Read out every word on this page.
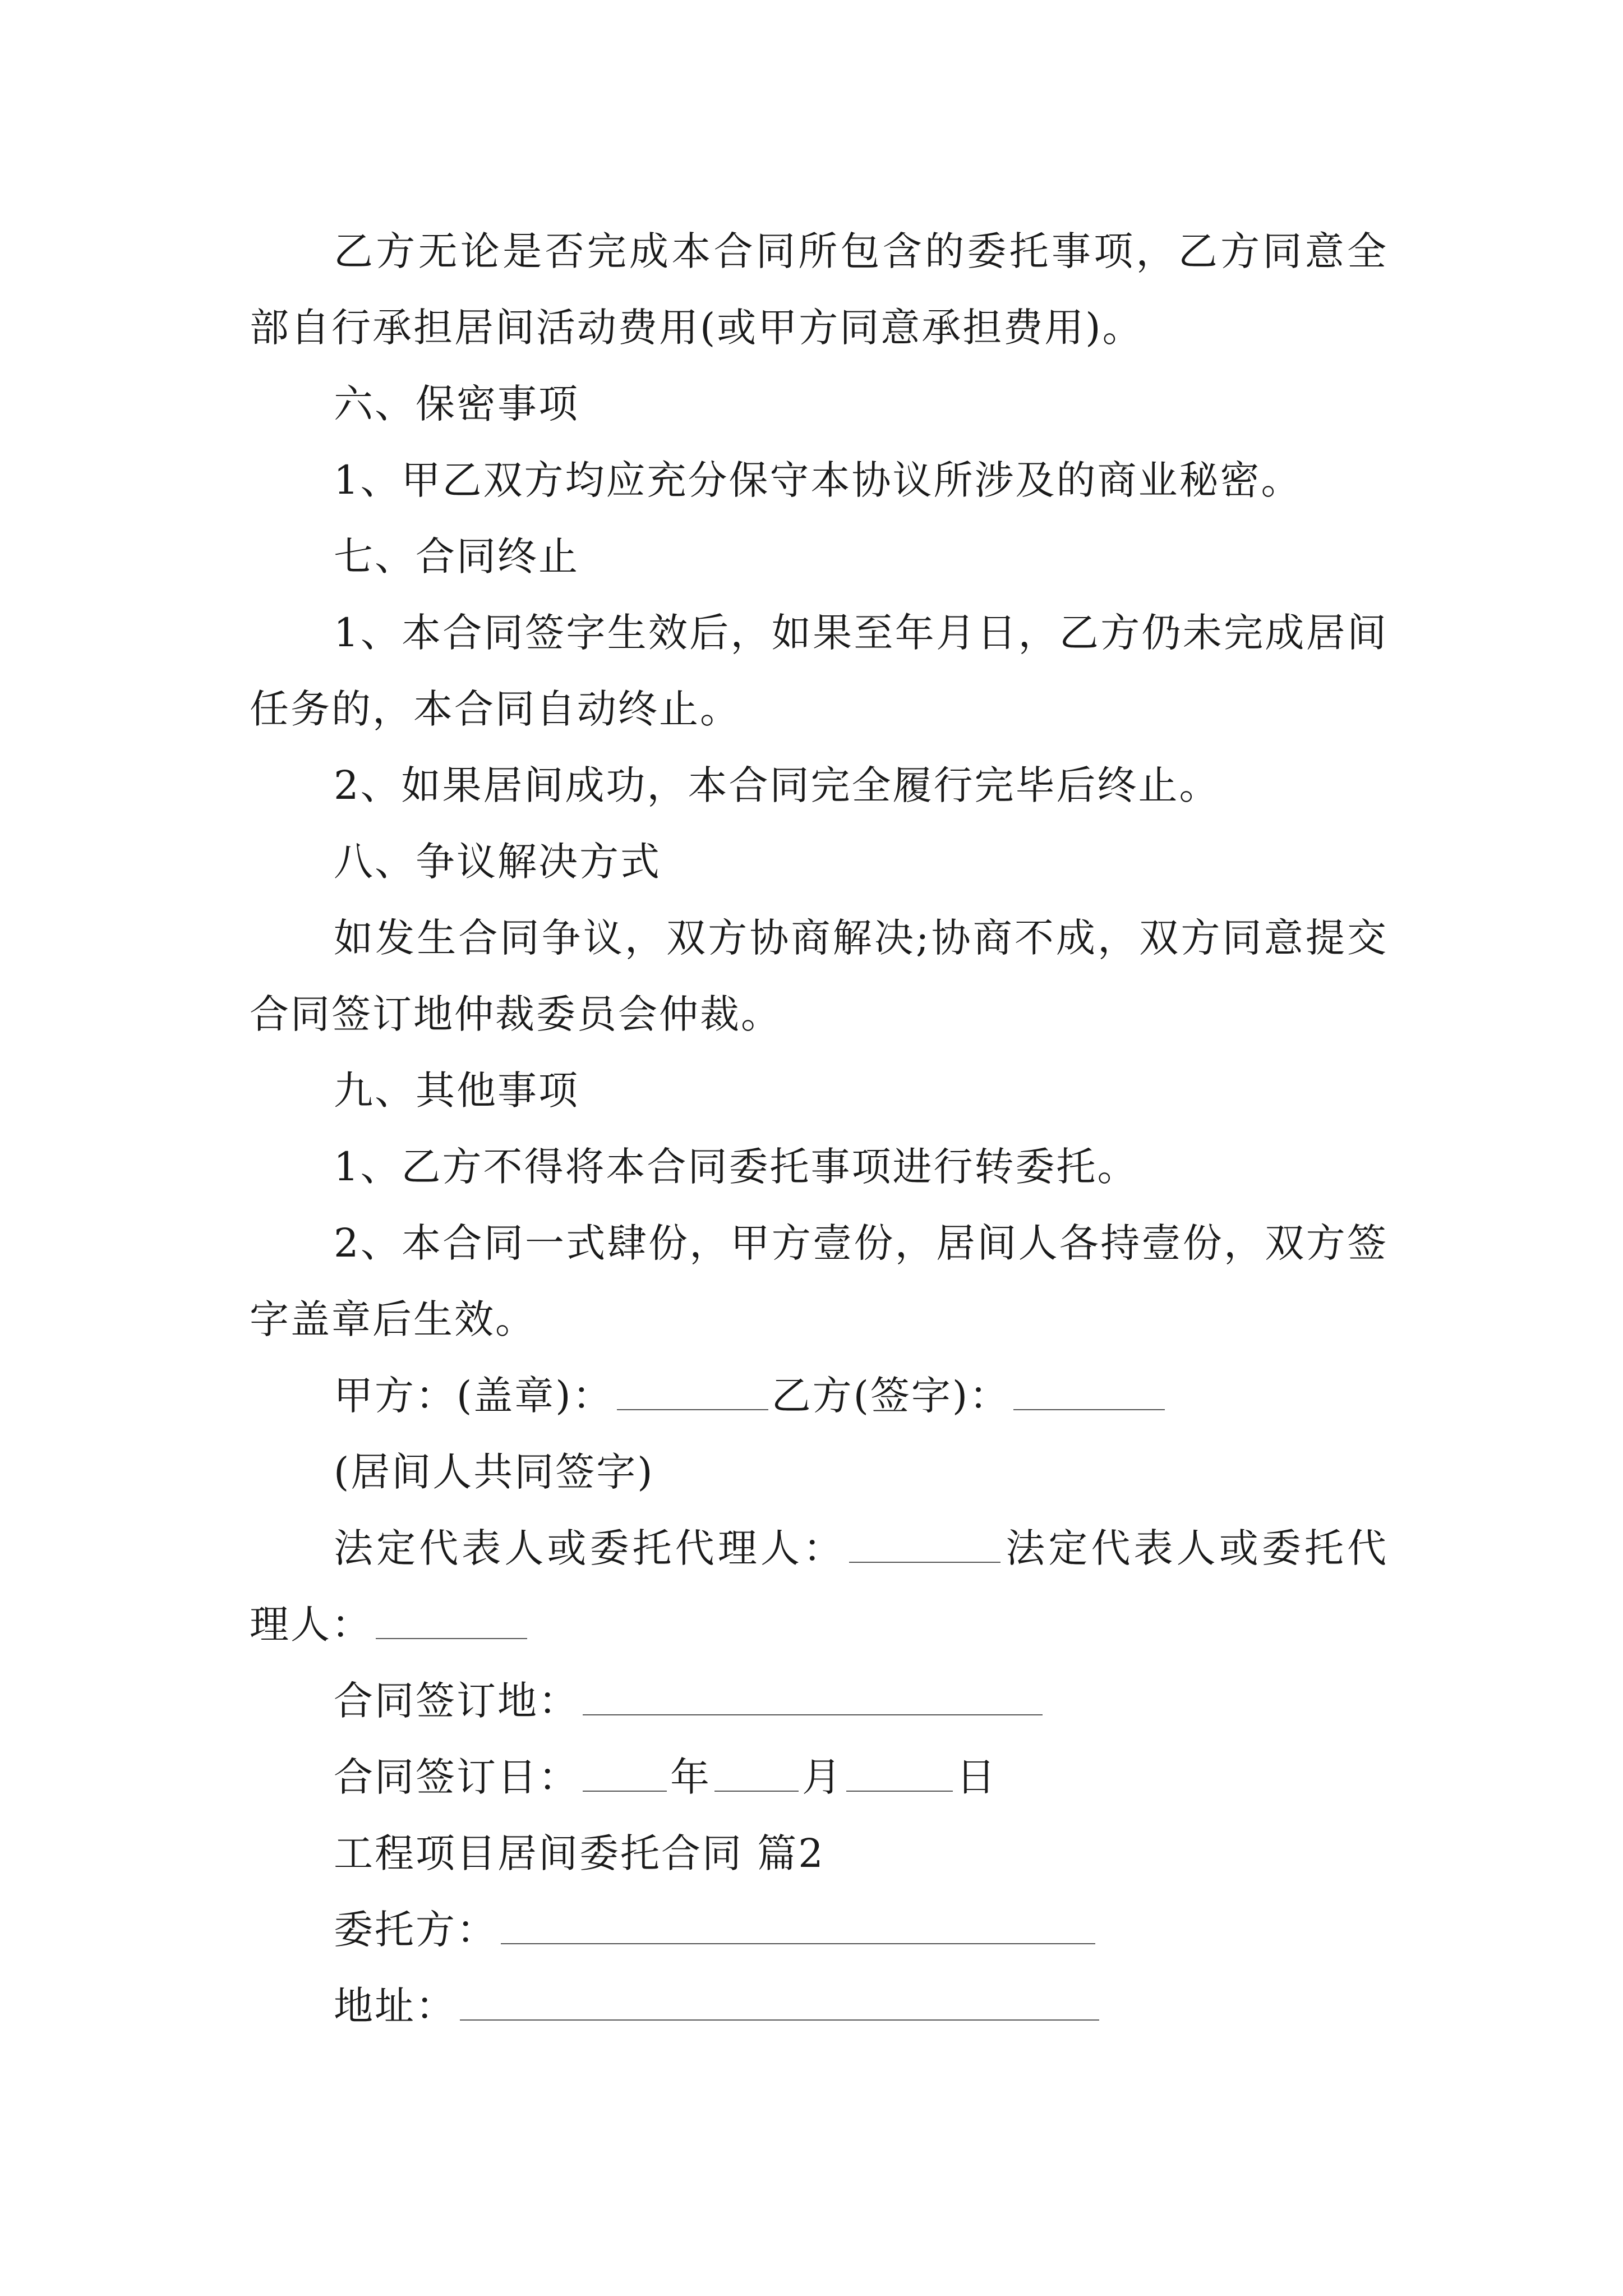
乙方无论是否完成本合同所包含的委托事项，乙方同意全部自行承担居间活动费用(或甲方同意承担费用)。

六、保密事项

1、甲乙双方均应充分保守本协议所涉及的商业秘密。

七、合同终止

1、本合同签字生效后，如果至年月日，乙方仍未完成居间任务的，本合同自动终止。

2、如果居间成功，本合同完全履行完毕后终止。

八、争议解决方式

如发生合同争议，双方协商解决;协商不成，双方同意提交合同签订地仲裁委员会仲裁。

九、其他事项

1、乙方不得将本合同委托事项进行转委托。

2、本合同一式肆份，甲方壹份，居间人各持壹份，双方签字盖章后生效。

甲方：(盖章)：	乙方(签字)：

(居间人共同签字)

法定代表人或委托代理人：	法定代表人或委托代理人：

合同签订地：

合同签订日： 年 月	日

工程项目居间委托合同 篇2

委托方：

地址：
